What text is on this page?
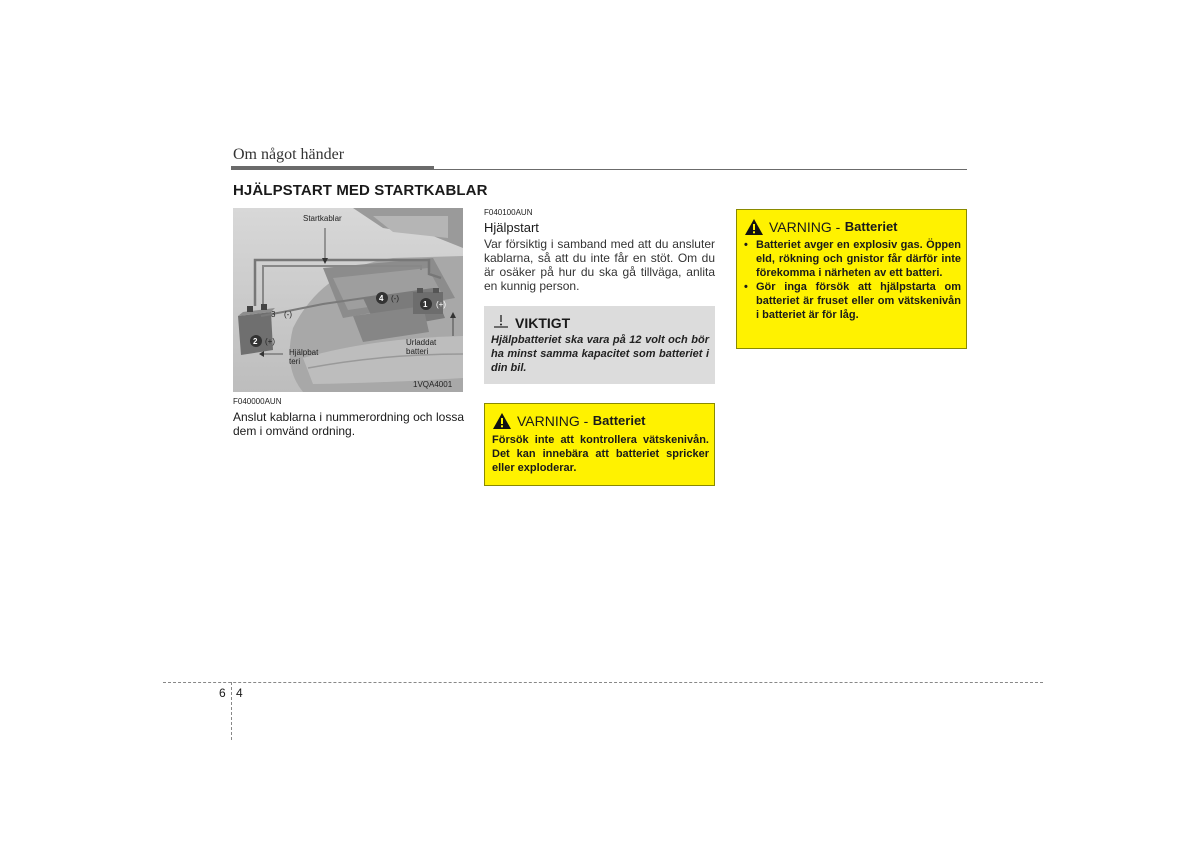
Om något händer
HJÄLPSTART MED STARTKABLAR
Startkablar
4 (-)
1 (+)
3 (-)
2 (+)
Hjälpbat
teri
Urladdat
batteri
1VQA4001
F040000AUN
Anslut kablarna i nummerordning och lossa dem i omvänd ordning.
F040100AUN
Hjälpstart
Var försiktig i samband med att du ansluter kablarna, så att du inte får en stöt. Om du är osäker på hur du ska gå tillväga, anlita en kunnig person.
VIKTIGT
Hjälpbatteriet ska vara på 12 volt och bör ha minst samma kapacitet som batteriet i din bil.
VARNING - $^{Batteriet}$
Försök inte att kontrollera vätskenivån. Det kan innebära att batteriet spricker eller exploderar.
VARNING - $^{Batteriet}$
• Batteriet avger en explosiv gas. Öppen eld, rökning och gnistor får därför inte förekomma i närheten av ett batteri.
• Gör inga försök att hjälpstarta om batteriet är fruset eller om vätskenivån i batteriet är för låg.
6 4
